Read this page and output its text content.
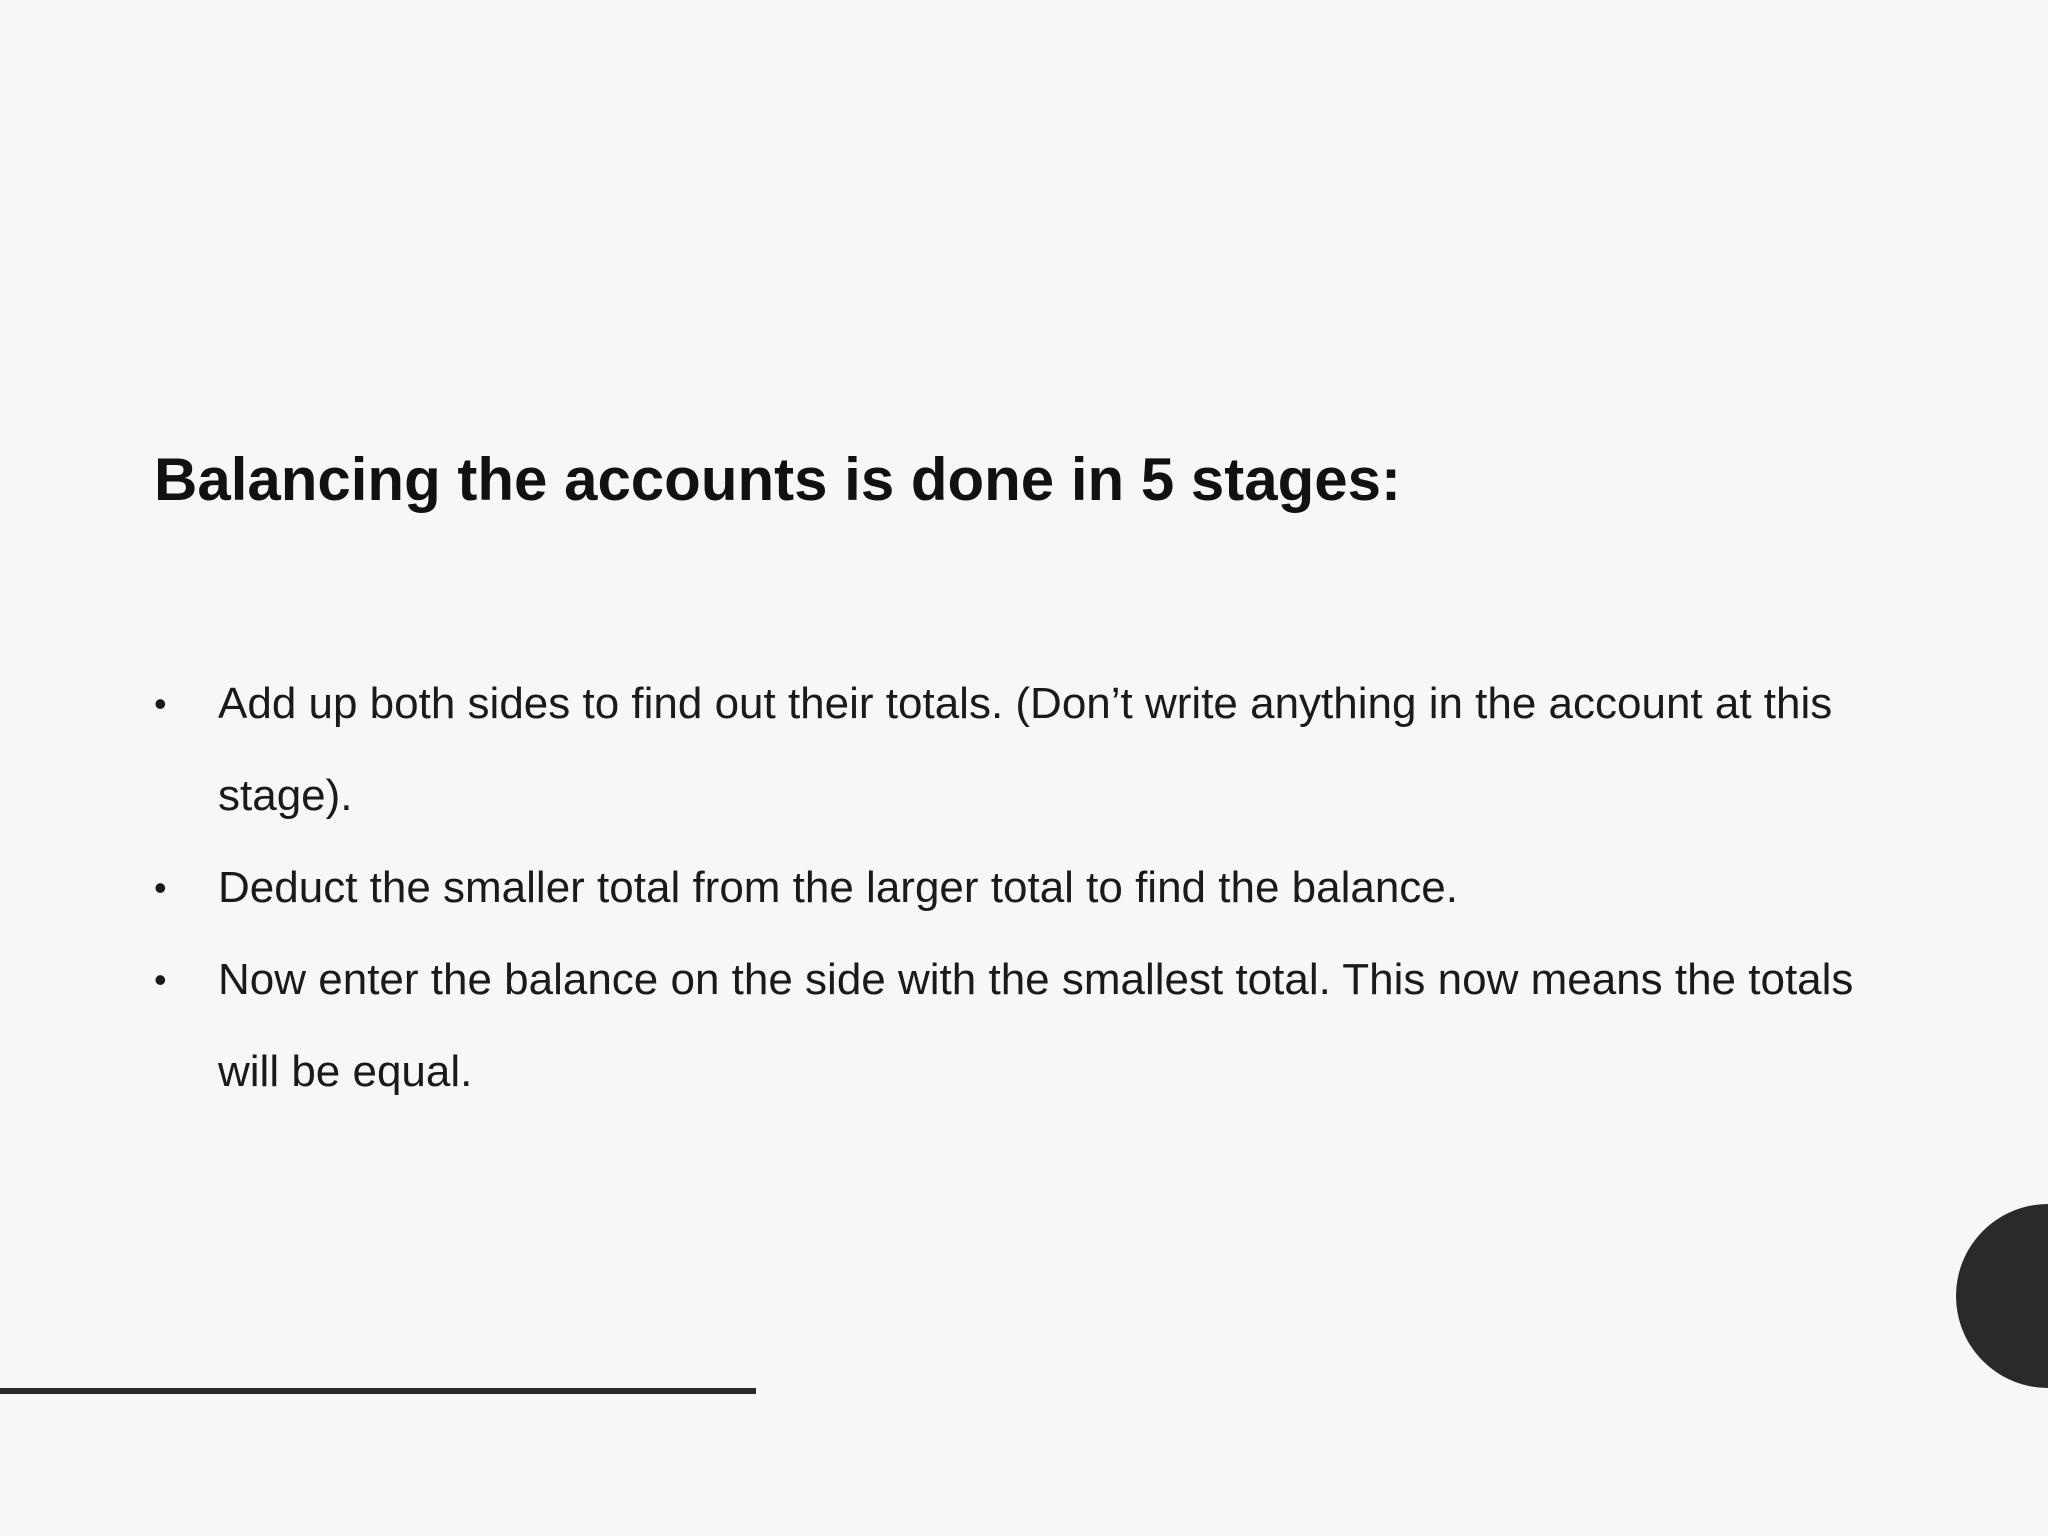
Balancing the accounts is done in 5 stages:
•	Add up both sides to find out their totals. (Don’t write anything in the account at this stage).
•	Deduct the smaller total from the larger total to find the balance.
•	Now enter the balance on the side with the smallest total. This now means the totals will be equal.
